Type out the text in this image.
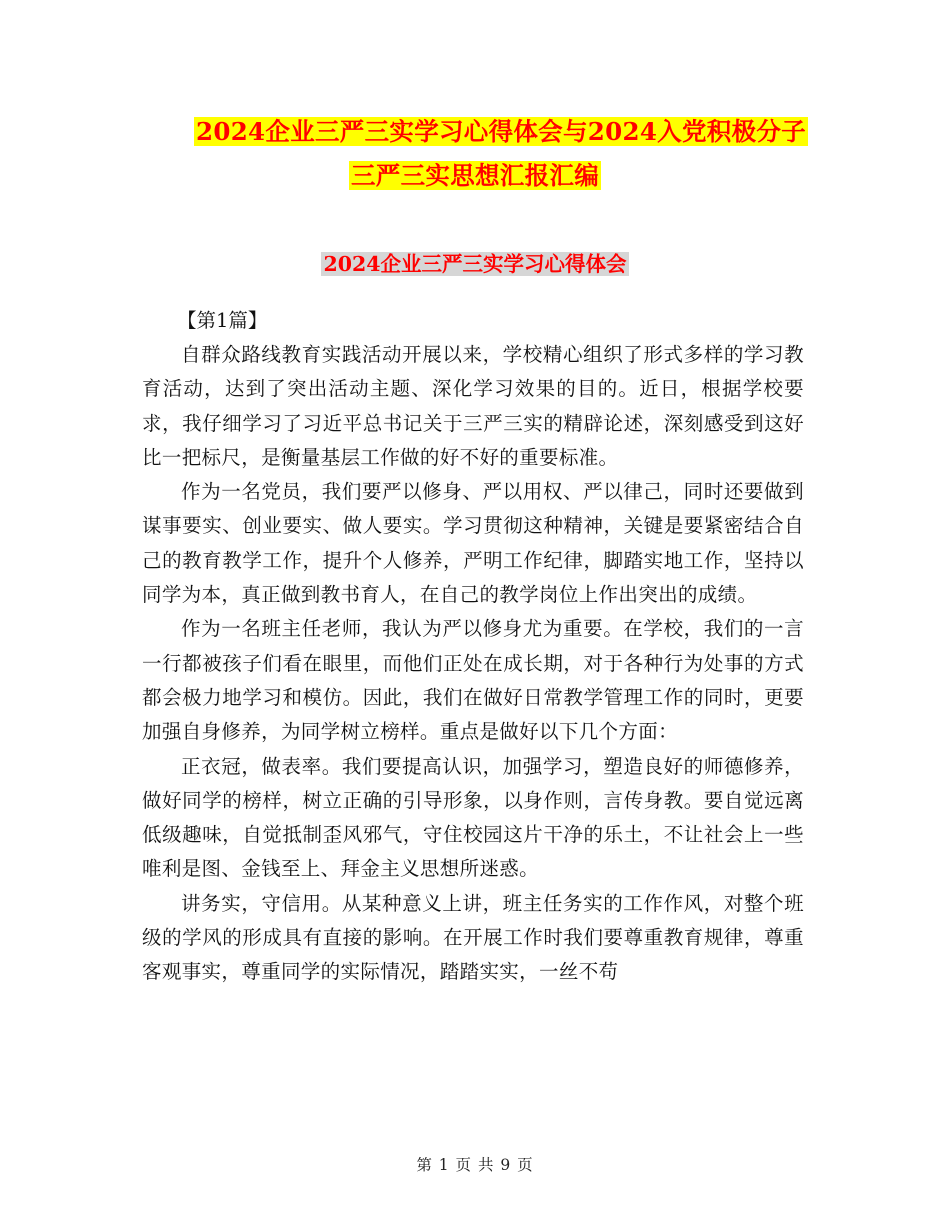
2024企业三严三实学习心得体会与2024入党积极分子
三严三实思想汇报汇编
2024企业三严三实学习心得体会
【第1篇】

自群众路线教育实践活动开展以来，学校精心组织了形式多样的学习教育活动，达到了突出活动主题、深化学习效果的目的。近日，根据学校要求，我仔细学习了习近平总书记关于三严三实的精辟论述，深刻感受到这好比一把标尺，是衡量基层工作做的好不好的重要标准。

作为一名党员，我们要严以修身、严以用权、严以律己，同时还要做到谋事要实、创业要实、做人要实。学习贯彻这种精神，关键是要紧密结合自己的教育教学工作，提升个人修养，严明工作纪律，脚踏实地工作，坚持以同学为本，真正做到教书育人，在自己的教学岗位上作出突出的成绩。

作为一名班主任老师，我认为严以修身尤为重要。在学校，我们的一言一行都被孩子们看在眼里，而他们正处在成长期，对于各种行为处事的方式都会极力地学习和模仿。因此，我们在做好日常教学管理工作的同时，更要加强自身修养，为同学树立榜样。重点是做好以下几个方面：

正衣冠，做表率。我们要提高认识，加强学习，塑造良好的师德修养，做好同学的榜样，树立正确的引导形象，以身作则，言传身教。要自觉远离低级趣味，自觉抵制歪风邪气，守住校园这片干净的乐土，不让社会上一些唯利是图、金钱至上、拜金主义思想所迷惑。

讲务实，守信用。从某种意义上讲，班主任务实的工作作风，对整个班级的学风的形成具有直接的影响。在开展工作时我们要尊重教育规律，尊重客观事实，尊重同学的实际情况，踏踏实实，一丝不苟

第 1 页 共 9 页
